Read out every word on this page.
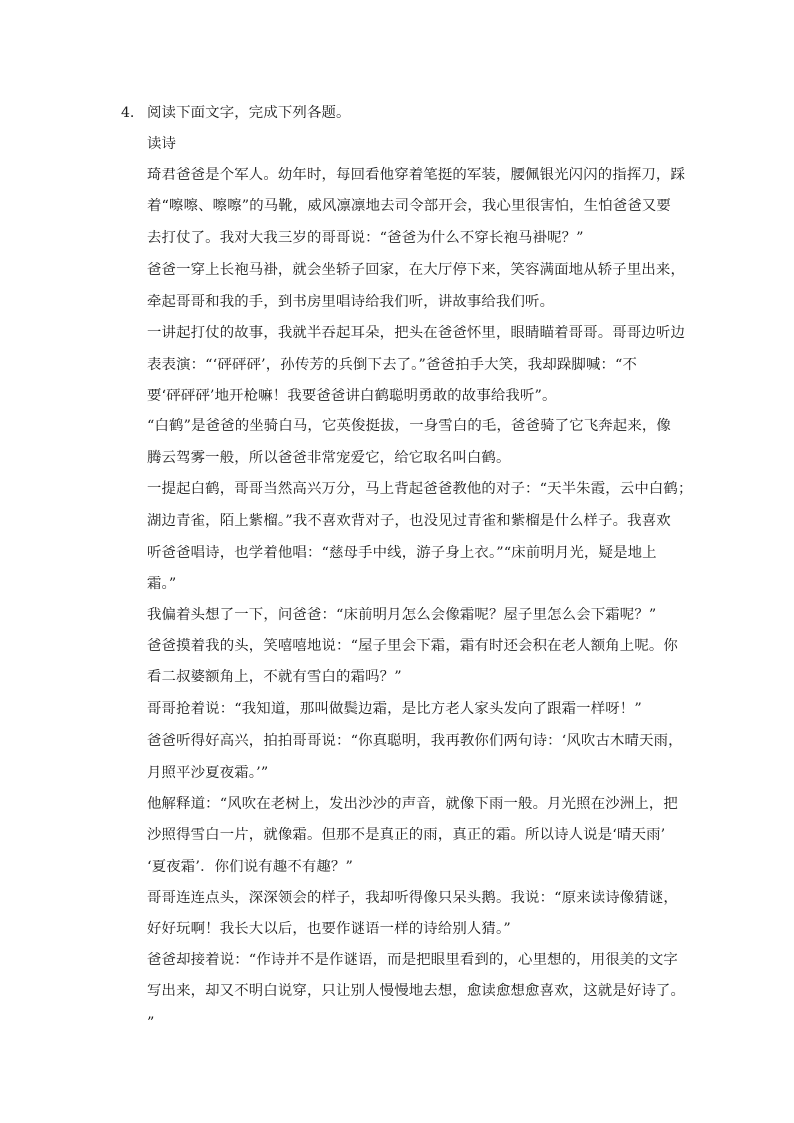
4. 阅读下面文字，完成下列各题。
读诗
琦君爸爸是个军人。幼年时，每回看他穿着笔挺的军装，腰佩银光闪闪的指挥刀，踩
着“嚓嚓、嚓嚓”的马靴，威风凛凛地去司令部开会，我心里很害怕，生怕爸爸又要
去打仗了。我对大我三岁的哥哥说：“爸爸为什么不穿长袍马褂呢？”
爸爸一穿上长袍马褂，就会坐轿子回家，在大厅停下来，笑容满面地从轿子里出来，
牵起哥哥和我的手，到书房里唱诗给我们听，讲故事给我们听。
一讲起打仗的故事，我就半吞起耳朵，把头在爸爸怀里，眼睛瞄着哥哥。哥哥边听边
表表演：“‘砰砰砰’，孙传芳的兵倒下去了。”爸爸拍手大笑，我却跺脚喊：“不
要‘砰砰砰’地开枪嘛！我要爸爸讲白鹤聪明勇敢的故事给我听”。
“白鹤”是爸爸的坐骑白马，它英俊挺拔，一身雪白的毛，爸爸骑了它飞奔起来，像
腾云驾雾一般，所以爸爸非常宠爱它，给它取名叫白鹤。
一提起白鹤，哥哥当然高兴万分，马上背起爸爸教他的对子：“天半朱霞，云中白鹤；
湖边青雀，陌上紫榴。”我不喜欢背对子，也没见过青雀和紫榴是什么样子。我喜欢
听爸爸唱诗，也学着他唱：“慈母手中线，游子身上衣。”“床前明月光，疑是地上
霜。”
我偏着头想了一下，问爸爸：“床前明月怎么会像霜呢？屋子里怎么会下霜呢？”
爸爸摸着我的头，笑嘻嘻地说：“屋子里会下霜，霜有时还会积在老人额角上呢。你
看二叔婆额角上，不就有雪白的霜吗？”
哥哥抢着说：“我知道，那叫做鬓边霜，是比方老人家头发向了跟霜一样呀！”
爸爸听得好高兴，拍拍哥哥说：“你真聪明，我再教你们两句诗：‘风吹古木晴天雨，
月照平沙夏夜霜。’”
他解释道：“风吹在老树上，发出沙沙的声音，就像下雨一般。月光照在沙洲上，把
沙照得雪白一片，就像霜。但那不是真正的雨，真正的霜。所以诗人说是‘晴天雨’
‘夏夜霜’．你们说有趣不有趣？”
哥哥连连点头，深深领会的样子，我却听得像只呆头鹅。我说：“原来读诗像猜谜，
好好玩啊！我长大以后，也要作谜语一样的诗给别人猜。”
爸爸却接着说：“作诗并不是作谜语，而是把眼里看到的，心里想的，用很美的文字
写出来，却又不明白说穿，只让别人慢慢地去想，愈读愈想愈喜欢，这就是好诗了。
”
